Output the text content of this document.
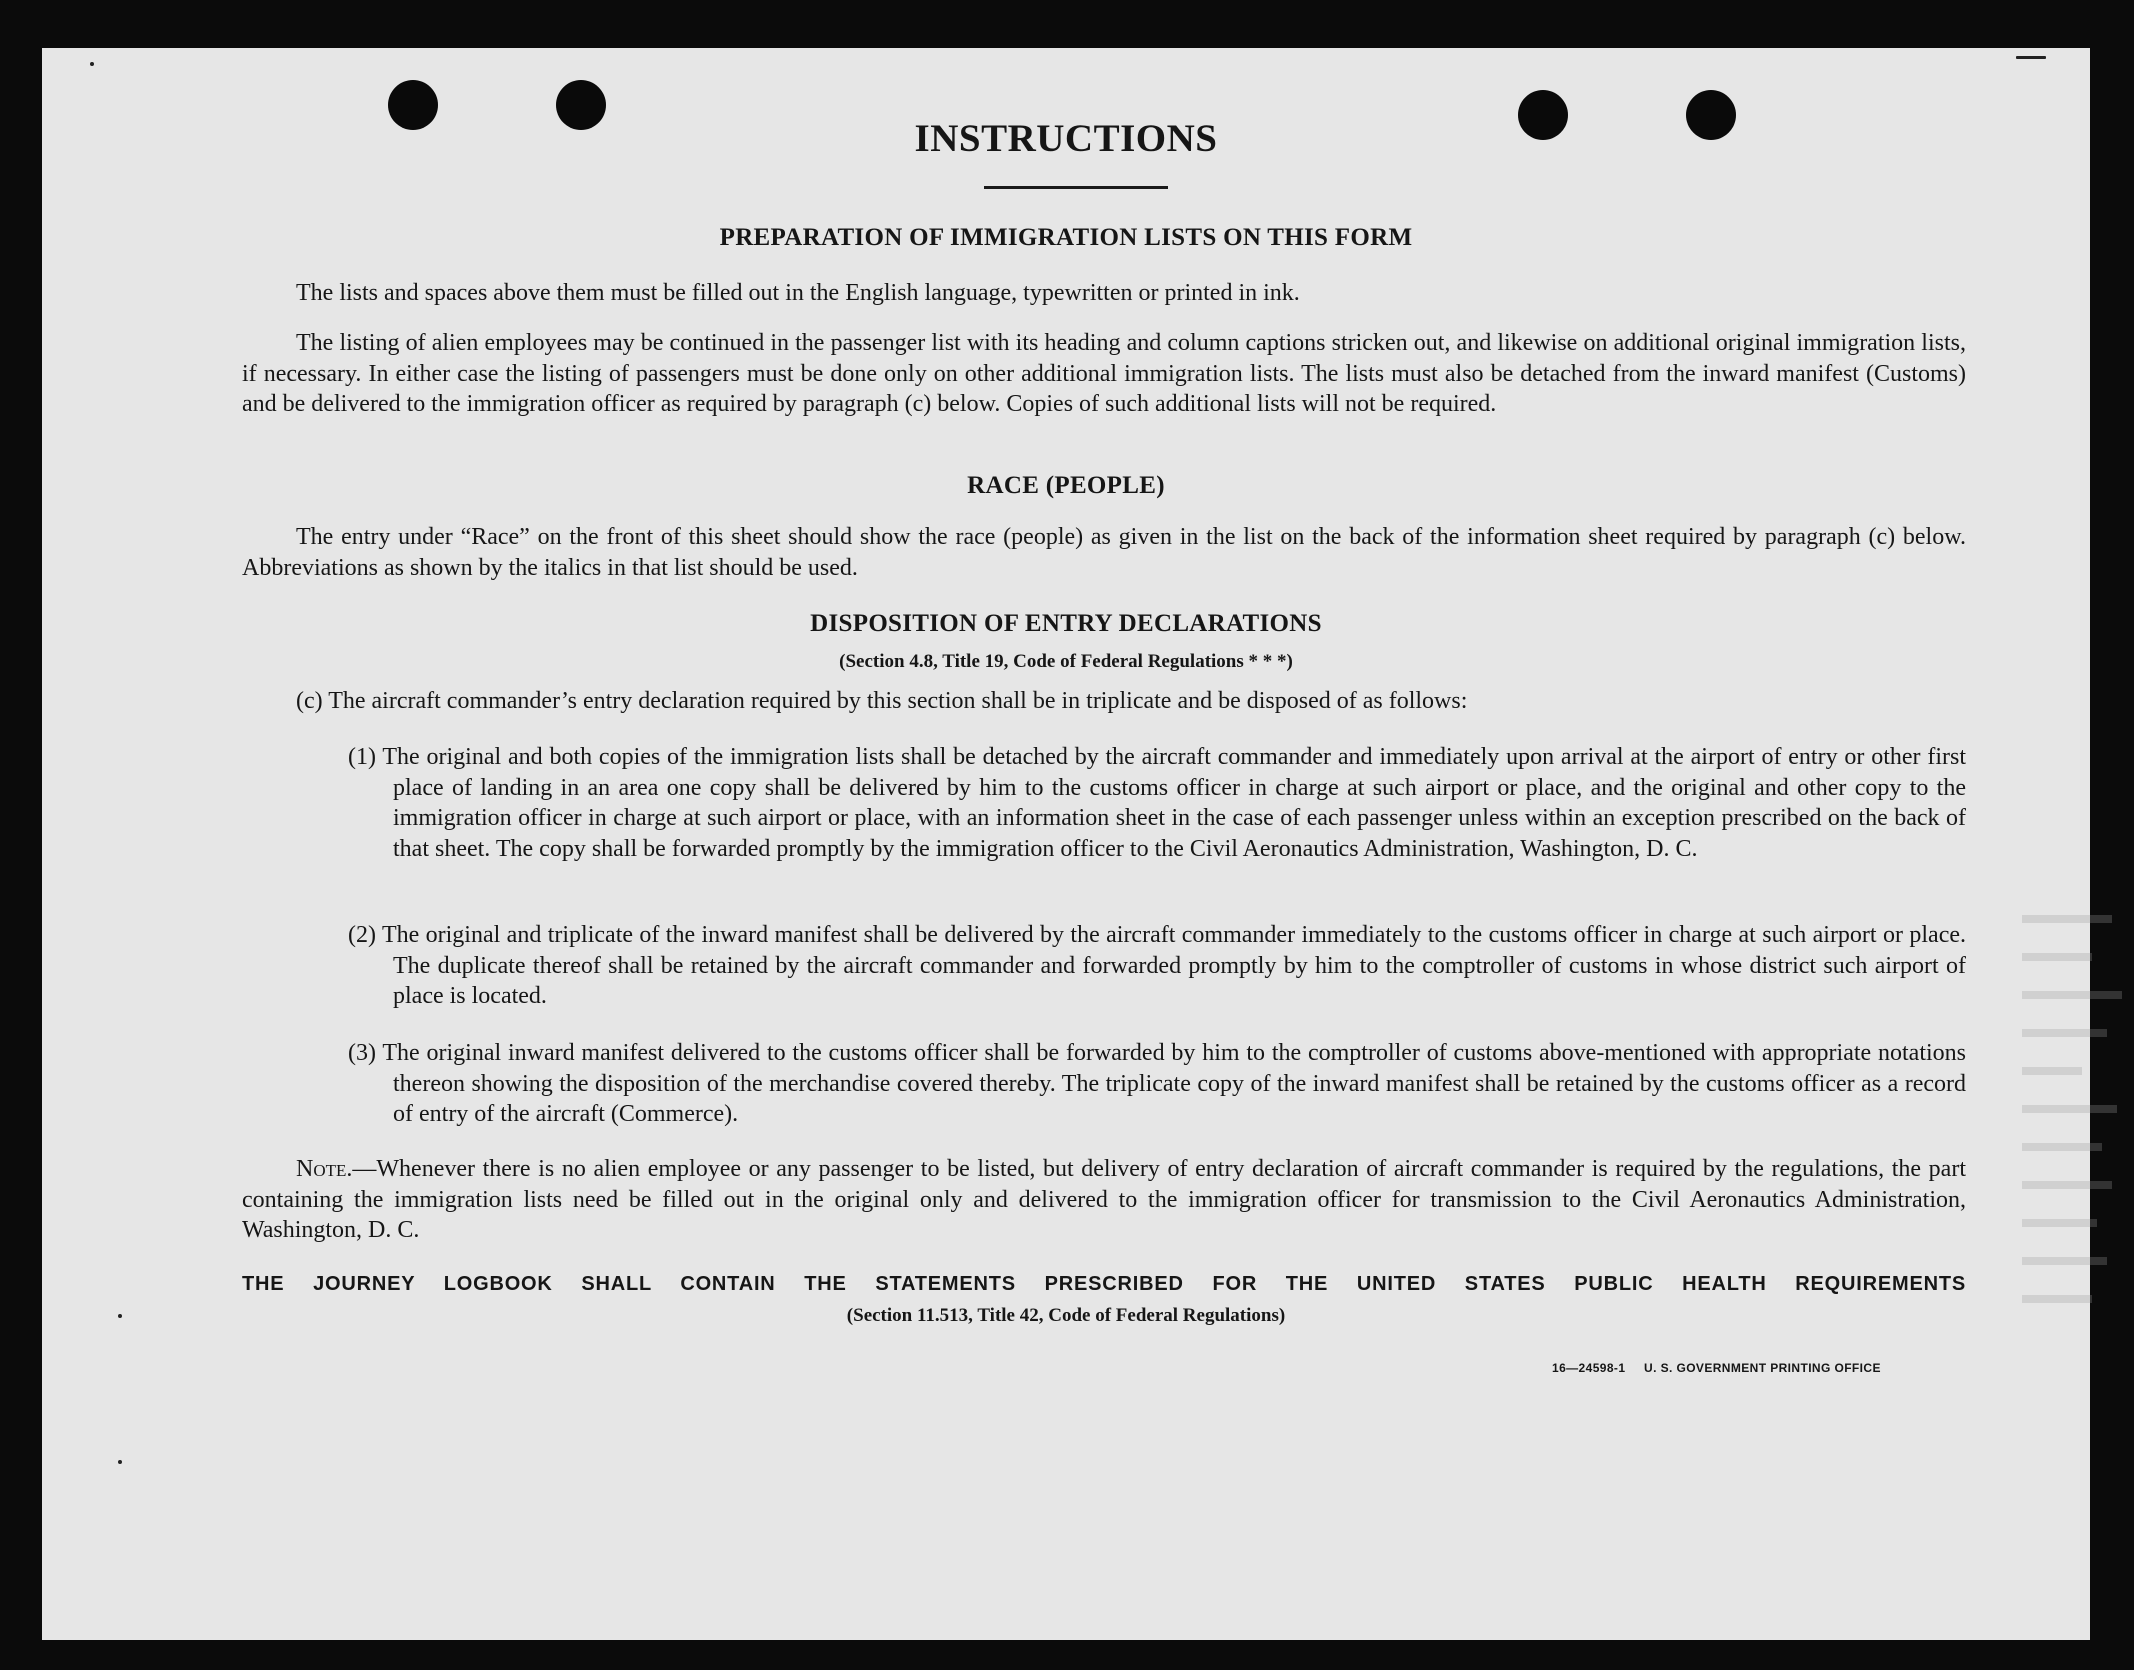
INSTRUCTIONS
PREPARATION OF IMMIGRATION LISTS ON THIS FORM
The lists and spaces above them must be filled out in the English language, typewritten or printed in ink.
The listing of alien employees may be continued in the passenger list with its heading and column captions stricken out, and likewise on additional original immigration lists, if necessary. In either case the listing of passengers must be done only on other additional immigration lists. The lists must also be detached from the inward manifest (Customs) and be delivered to the immigration officer as required by paragraph (c) below. Copies of such additional lists will not be required.
RACE (PEOPLE)
The entry under “Race” on the front of this sheet should show the race (people) as given in the list on the back of the information sheet required by paragraph (c) below. Abbreviations as shown by the italics in that list should be used.
DISPOSITION OF ENTRY DECLARATIONS
(Section 4.8, Title 19, Code of Federal Regulations * * *)
(c) The aircraft commander’s entry declaration required by this section shall be in triplicate and be disposed of as follows:
(1) The original and both copies of the immigration lists shall be detached by the aircraft commander and immediately upon arrival at the airport of entry or other first place of landing in an area one copy shall be delivered by him to the customs officer in charge at such airport or place, and the original and other copy to the immigration officer in charge at such airport or place, with an information sheet in the case of each passenger unless within an exception prescribed on the back of that sheet. The copy shall be forwarded promptly by the immigration officer to the Civil Aeronautics Administration, Washington, D. C.
(2) The original and triplicate of the inward manifest shall be delivered by the aircraft commander immediately to the customs officer in charge at such airport or place. The duplicate thereof shall be retained by the aircraft commander and forwarded promptly by him to the comptroller of customs in whose district such airport of place is located.
(3) The original inward manifest delivered to the customs officer shall be forwarded by him to the comptroller of customs above-mentioned with appropriate notations thereon showing the disposition of the merchandise covered thereby. The triplicate copy of the inward manifest shall be retained by the customs officer as a record of entry of the aircraft (Commerce).
Note.—Whenever there is no alien employee or any passenger to be listed, but delivery of entry declaration of aircraft commander is required by the regulations, the part containing the immigration lists need be filled out in the original only and delivered to the immigration officer for transmission to the Civil Aeronautics Administration, Washington, D. C.
THE JOURNEY LOGBOOK SHALL CONTAIN THE STATEMENTS PRESCRIBED FOR THE UNITED STATES PUBLIC HEALTH REQUIREMENTS
(Section 11.513, Title 42, Code of Federal Regulations)
16—24598-1     U. S. GOVERNMENT PRINTING OFFICE
